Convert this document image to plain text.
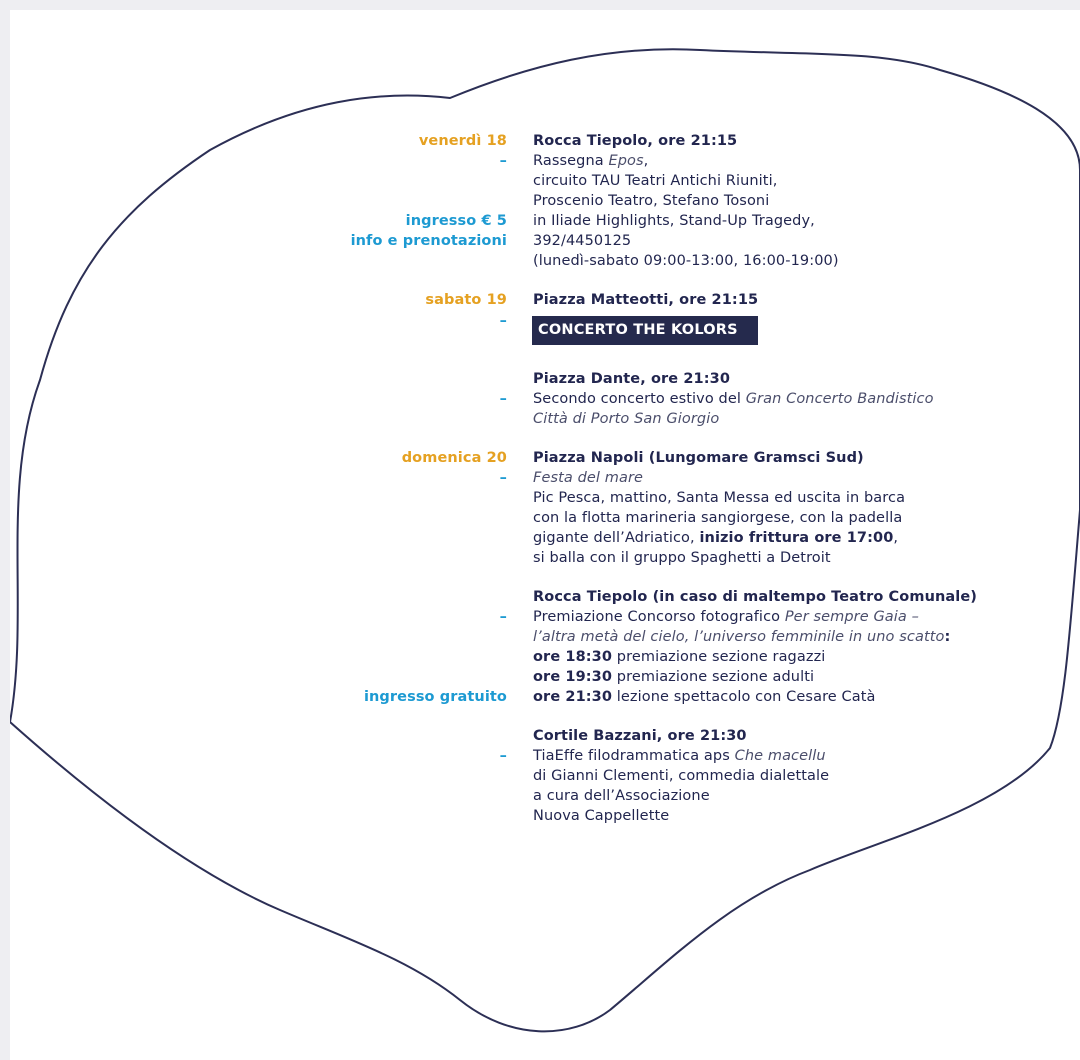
venerdì 18 Rocca Tiepolo, ore 21:15
– Rassegna Epos,
circuito TAU Teatri Antichi Riuniti,
Proscenio Teatro, Stefano Tosoni
ingresso € 5 in Iliade Highlights, Stand-Up Tragedy,
info e prenotazioni 392/4450125
(lunedì-sabato 09:00-13:00, 16:00-19:00)
sabato 19 Piazza Matteotti, ore 21:15
–
CONCERTO THE KOLORS
Piazza Dante, ore 21:30
– Secondo concerto estivo del Gran Concerto Bandistico
Città di Porto San Giorgio
domenica 20 Piazza Napoli (Lungomare Gramsci Sud)
– Festa del mare
Pic Pesca, mattino, Santa Messa ed uscita in barca
con la flotta marineria sangiorgese, con la padella
gigante dell’Adriatico, inizio frittura ore 17:00,
si balla con il gruppo Spaghetti a Detroit
Rocca Tiepolo (in caso di maltempo Teatro Comunale)
– Premiazione Concorso fotografico Per sempre Gaia –
l’altra metà del cielo, l’universo femminile in uno scatto:
ore 18:30 premiazione sezione ragazzi
ore 19:30 premiazione sezione adulti
ingresso gratuito ore 21:30 lezione spettacolo con Cesare Catà
Cortile Bazzani, ore 21:30
– TiaEffe filodrammatica aps Che macellu
di Gianni Clementi, commedia dialettale
a cura dell’Associazione
Nuova Cappellette
